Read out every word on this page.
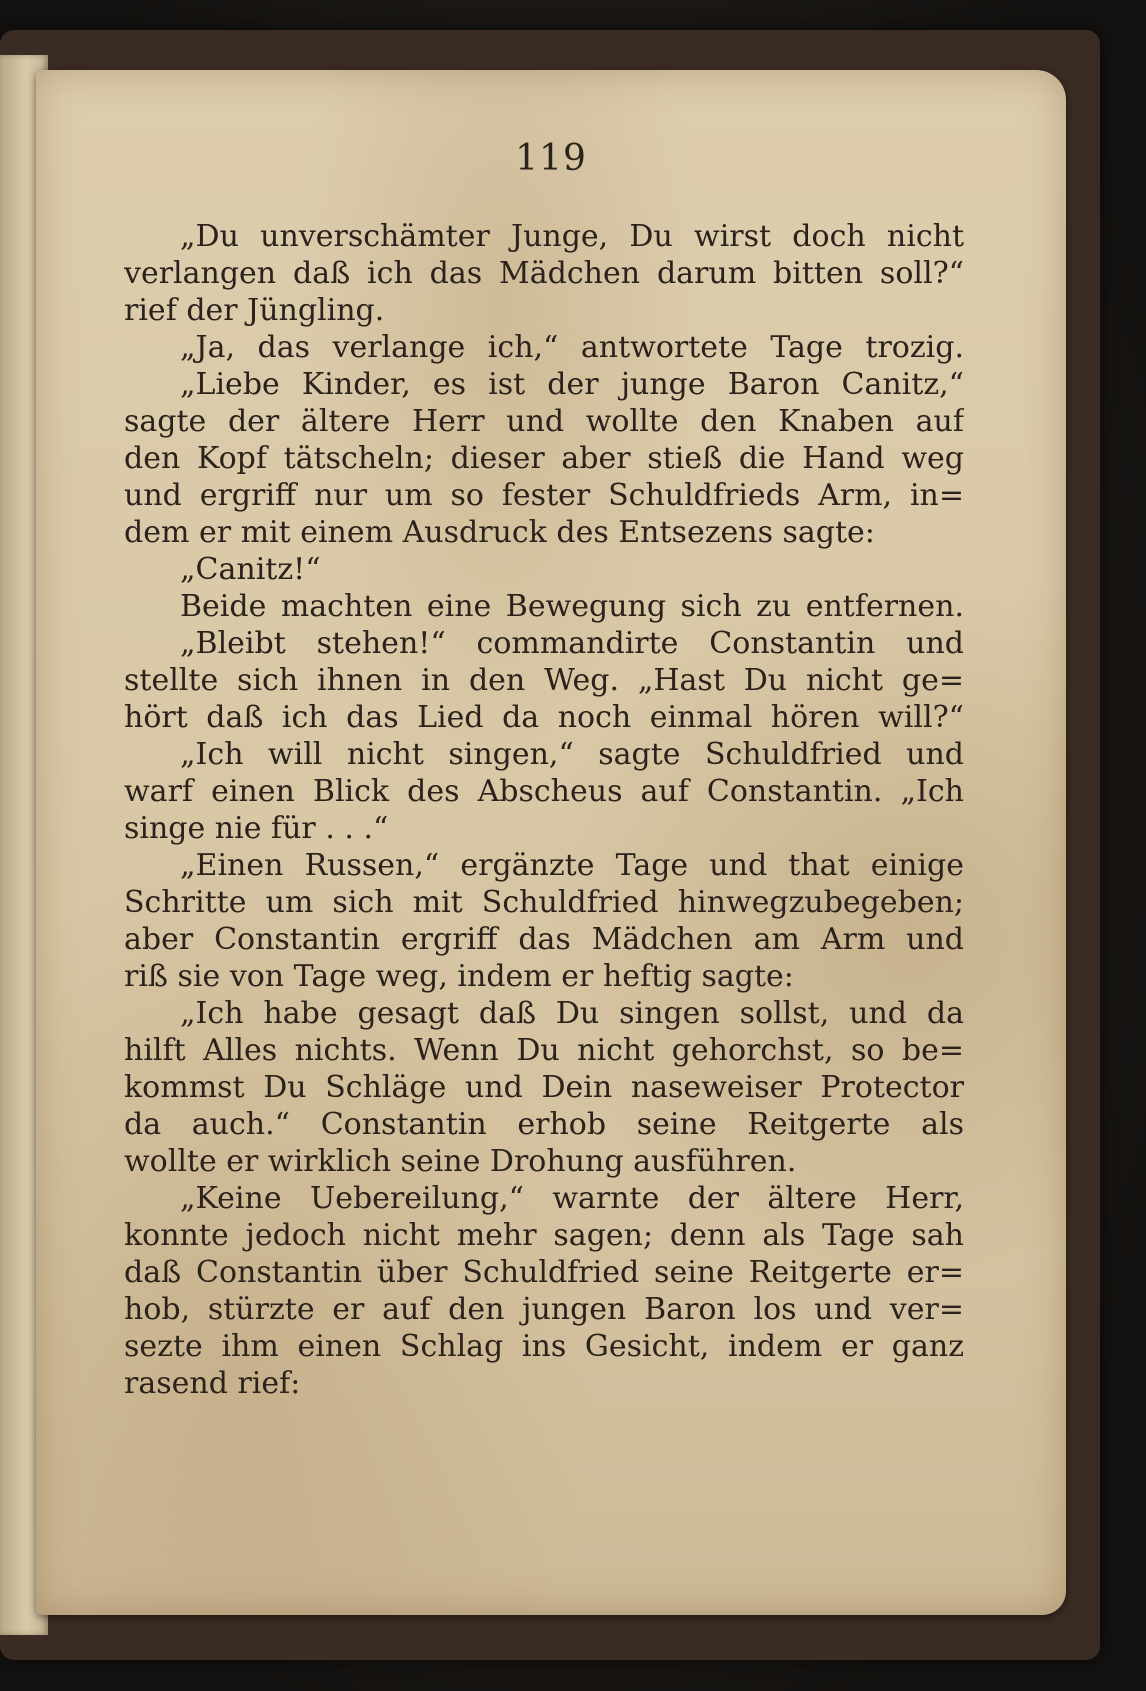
119
„Du unverschämter Junge, Du wirst doch nicht
verlangen daß ich das Mädchen darum bitten soll?“
rief der Jüngling.
„Ja, das verlange ich,“ antwortete Tage trozig.
„Liebe Kinder, es ist der junge Baron Canitz,“
sagte der ältere Herr und wollte den Knaben auf
den Kopf tätscheln; dieser aber stieß die Hand weg
und ergriff nur um so fester Schuldfrieds Arm, in=
dem er mit einem Ausdruck des Entsezens sagte:
„Canitz!“
Beide machten eine Bewegung sich zu entfernen.
„Bleibt stehen!“ commandirte Constantin und
stellte sich ihnen in den Weg. „Hast Du nicht ge=
hört daß ich das Lied da noch einmal hören will?“
„Ich will nicht singen,“ sagte Schuldfried und
warf einen Blick des Abscheus auf Constantin. „Ich
singe nie für . . .“
„Einen Russen,“ ergänzte Tage und that einige
Schritte um sich mit Schuldfried hinwegzubegeben;
aber Constantin ergriff das Mädchen am Arm und
riß sie von Tage weg, indem er heftig sagte:
„Ich habe gesagt daß Du singen sollst, und da
hilft Alles nichts. Wenn Du nicht gehorchst, so be=
kommst Du Schläge und Dein naseweiser Protector
da auch.“ Constantin erhob seine Reitgerte als
wollte er wirklich seine Drohung ausführen.
„Keine Uebereilung,“ warnte der ältere Herr,
konnte jedoch nicht mehr sagen; denn als Tage sah
daß Constantin über Schuldfried seine Reitgerte er=
hob, stürzte er auf den jungen Baron los und ver=
sezte ihm einen Schlag ins Gesicht, indem er ganz
rasend rief:
